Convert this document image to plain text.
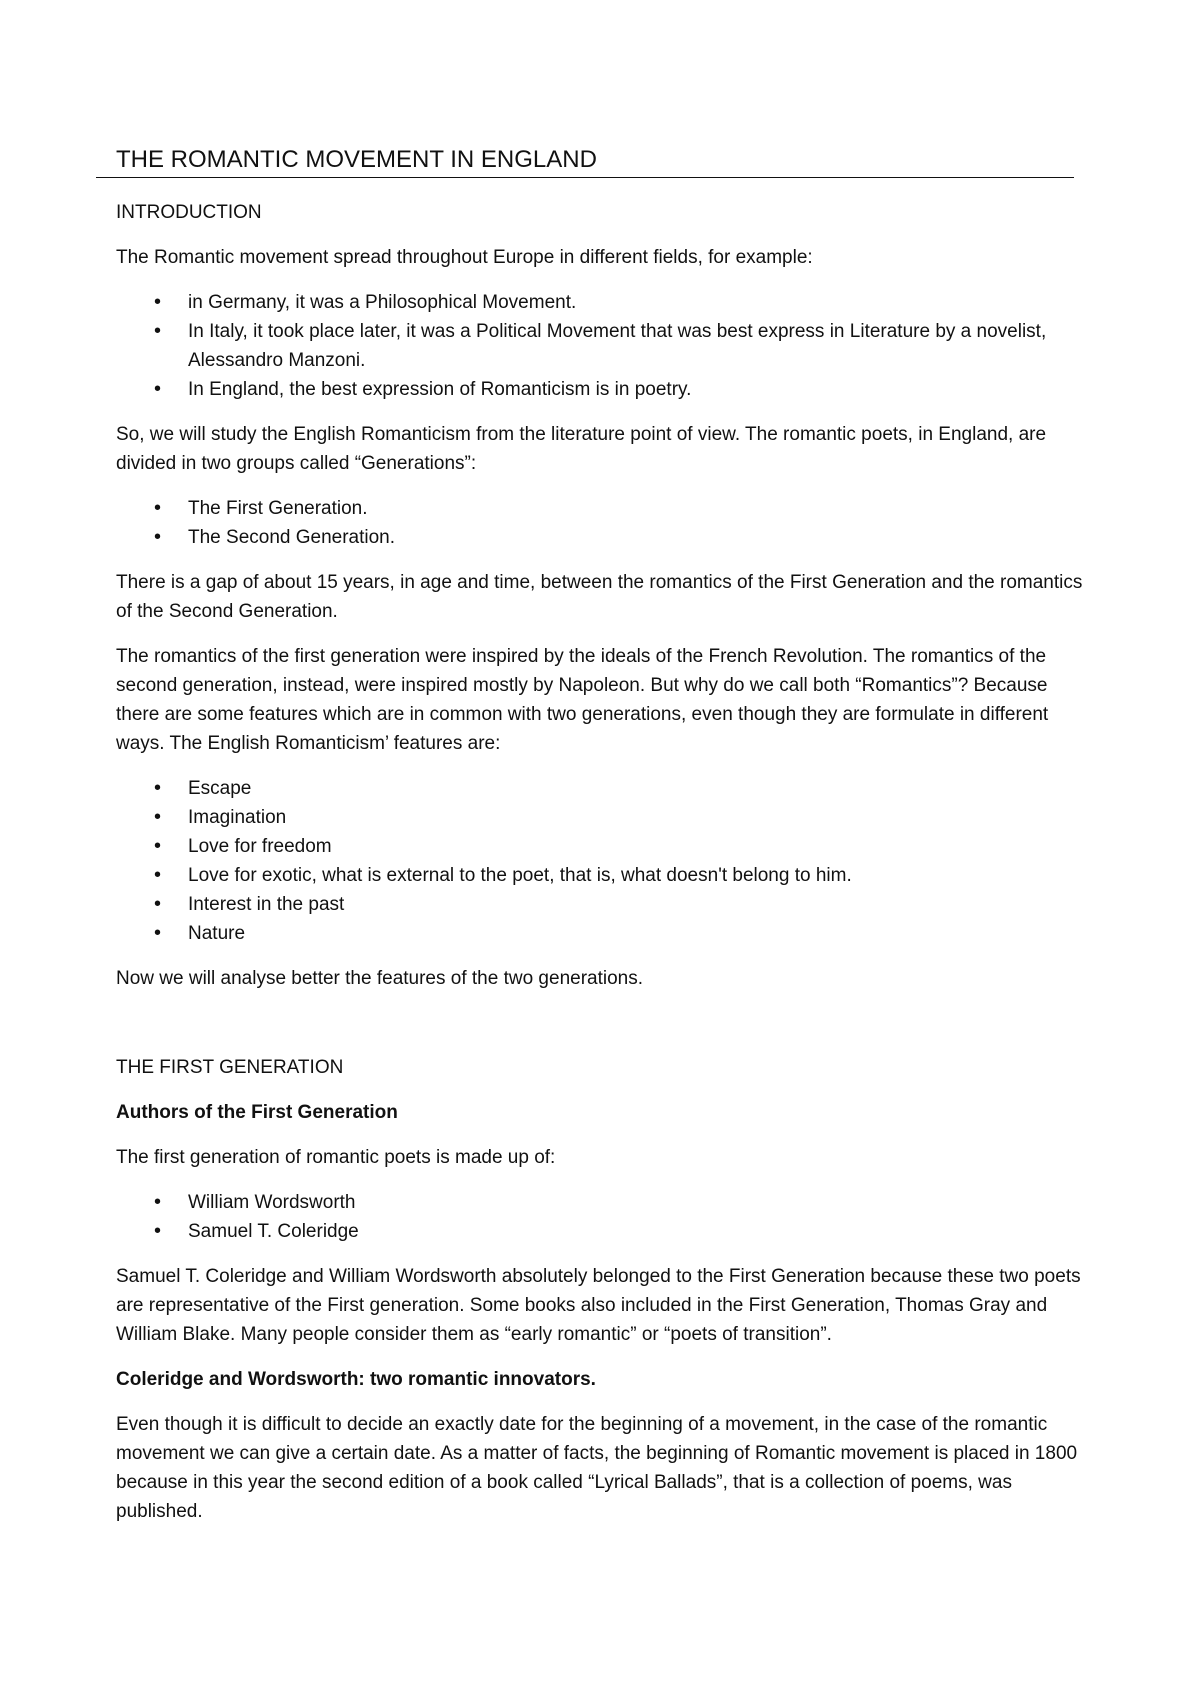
THE ROMANTIC MOVEMENT IN ENGLAND
INTRODUCTION

The Romantic movement spread throughout Europe in different fields, for example:

• in Germany, it was a Philosophical Movement.
• In Italy, it took place later, it was a Political Movement that was best express in Literature by a novelist, Alessandro Manzoni.
• In England, the best expression of Romanticism is in poetry.

So, we will study the English Romanticism from the literature point of view. The romantic poets, in England, are divided in two groups called “Generations”:

• The First Generation.
• The Second Generation.

There is a gap of about 15 years, in age and time, between the romantics of the First Generation and the romantics of the Second Generation.

The romantics of the first generation were inspired by the ideals of the French Revolution. The romantics of the second generation, instead, were inspired mostly by Napoleon. But why do we call both “Romantics”? Because there are some features which are in common with two generations, even though they are formulate in different ways. The English Romanticism’ features are:

• Escape
• Imagination
• Love for freedom
• Love for exotic, what is external to the poet, that is, what doesn't belong to him.
• Interest in the past
• Nature

Now we will analyse better the features of the two generations.

THE FIRST GENERATION

Authors of the First Generation

The first generation of romantic poets is made up of:

• William Wordsworth
• Samuel T. Coleridge

Samuel T. Coleridge and William Wordsworth absolutely belonged to the First Generation because these two poets are representative of the First generation. Some books also included in the First Generation, Thomas Gray and William Blake. Many people consider them as “early romantic” or “poets of transition”.

Coleridge and Wordsworth: two romantic innovators.

Even though it is difficult to decide an exactly date for the beginning of a movement, in the case of the romantic movement we can give a certain date. As a matter of facts, the beginning of Romantic movement is placed in 1800 because in this year the second edition of a book called “Lyrical Ballads”, that is a collection of poems, was published.
